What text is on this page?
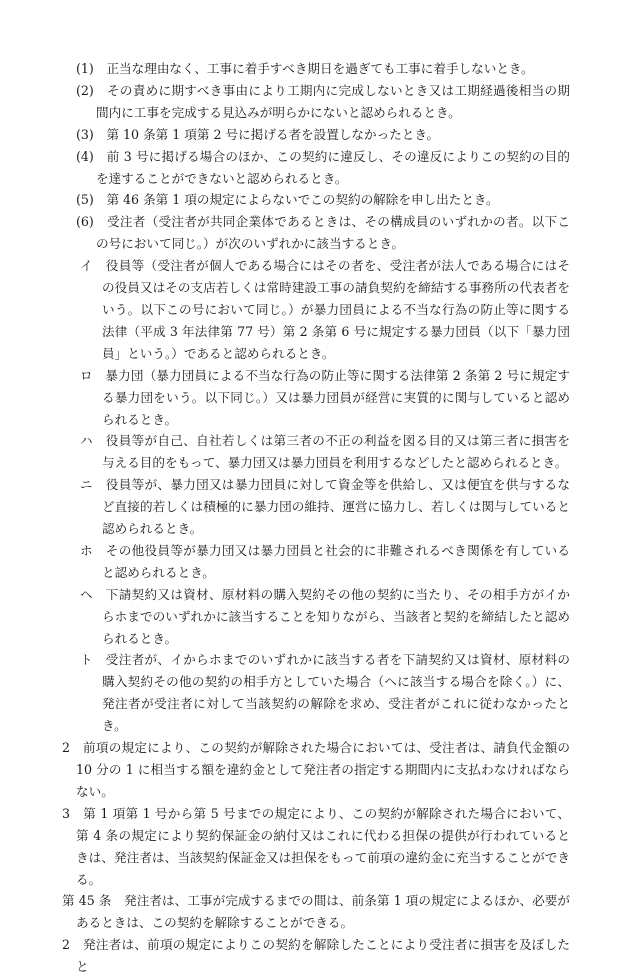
(1)　正当な理由なく、工事に着手すべき期日を過ぎても工事に着手しないとき。
(2)　その責めに期すべき事由により工期内に完成しないとき又は工期経過後相当の期間内に工事を完成する見込みが明らかにないと認められるとき。
(3)　第 10 条第 1 項第 2 号に掲げる者を設置しなかったとき。
(4)　前 3 号に掲げる場合のほか、この契約に違反し、その違反によりこの契約の目的を達することができないと認められるとき。
(5)　第 46 条第 1 項の規定によらないでこの契約の解除を申し出たとき。
(6)　受注者（受注者が共同企業体であるときは、その構成員のいずれかの者。以下この号において同じ。）が次のいずれかに該当するとき。
イ　役員等（受注者が個人である場合にはその者を、受注者が法人である場合にはその役員又はその支店若しくは常時建設工事の請負契約を締結する事務所の代表者をいう。以下この号において同じ。）が暴力団員による不当な行為の防止等に関する法律（平成 3 年法律第 77 号）第 2 条第 6 号に規定する暴力団員（以下「暴力団員」という。）であると認められるとき。
ロ　暴力団（暴力団員による不当な行為の防止等に関する法律第 2 条第 2 号に規定する暴力団をいう。以下同じ。）又は暴力団員が経営に実質的に関与していると認められるとき。
ハ　役員等が自己、自社若しくは第三者の不正の利益を図る目的又は第三者に損害を与える目的をもって、暴力団又は暴力団員を利用するなどしたと認められるとき。
ニ　役員等が、暴力団又は暴力団員に対して資金等を供給し、又は便宜を供与するなど直接的若しくは積極的に暴力団の維持、運営に協力し、若しくは関与していると認められるとき。
ホ　その他役員等が暴力団又は暴力団員と社会的に非難されるべき関係を有していると認められるとき。
ヘ　下請契約又は資材、原材料の購入契約その他の契約に当たり、その相手方がイからホまでのいずれかに該当することを知りながら、当該者と契約を締結したと認められるとき。
ト　受注者が、イからホまでのいずれかに該当する者を下請契約又は資材、原材料の購入契約その他の契約の相手方としていた場合（ヘに該当する場合を除く。）に、発注者が受注者に対して当該契約の解除を求め、受注者がこれに従わなかったとき。
2　前項の規定により、この契約が解除された場合においては、受注者は、請負代金額の 10 分の 1 に相当する額を違約金として発注者の指定する期間内に支払わなければならない。
3　第 1 項第 1 号から第 5 号までの規定により、この契約が解除された場合において、第 4 条の規定により契約保証金の納付又はこれに代わる担保の提供が行われているときは、発注者は、当該契約保証金又は担保をもって前項の違約金に充当することができる。
第 45 条　発注者は、工事が完成するまでの間は、前条第 1 項の規定によるほか、必要があるときは、この契約を解除することができる。
2　発注者は、前項の規定によりこの契約を解除したことにより受注者に損害を及ぼしたと
